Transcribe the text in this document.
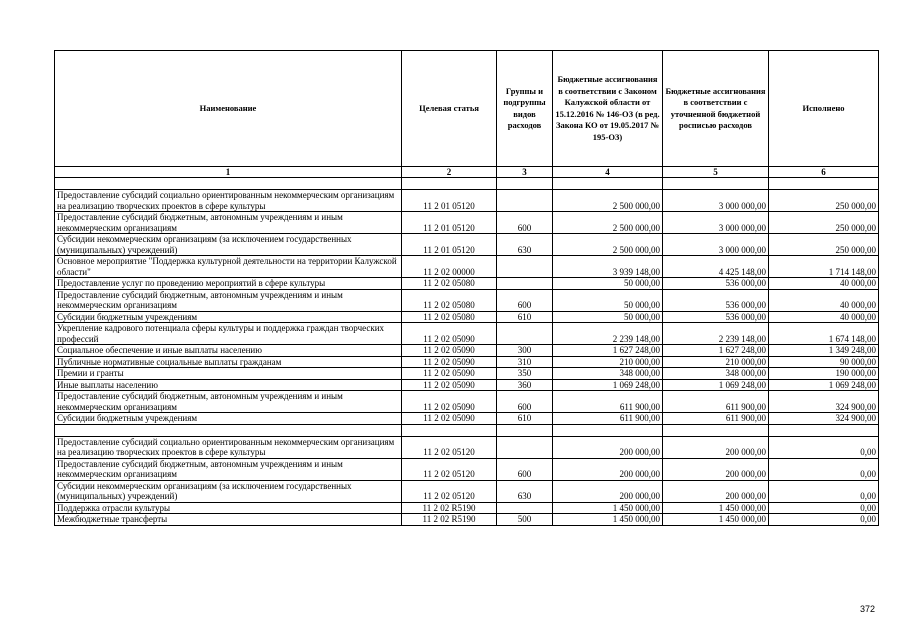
Наименование	Целевая статья	Группы и подгруппы видов расходов	Бюджетные ассигнования в соответствии с Законом Калужской области от 15.12.2016 № 146-ОЗ (в ред. Закона КО от 19.05.2017 № 195-ОЗ)	Бюджетные ассигнования в соответствии с уточненной бюджетной росписью расходов	Исполнено
1	2	3	4	5	6

Предоставление субсидий социально ориентированным некоммерческим организациям на реализацию творческих проектов в сфере культуры	11 2 01 05120		2 500 000,00	3 000 000,00	250 000,00
Предоставление субсидий бюджетным, автономным учреждениям и иным некоммерческим организациям	11 2 01 05120	600	2 500 000,00	3 000 000,00	250 000,00
Субсидии некоммерческим организациям (за исключением государственных (муниципальных) учреждений)	11 2 01 05120	630	2 500 000,00	3 000 000,00	250 000,00
Основное мероприятие "Поддержка культурной деятельности на территории Калужской области"	11 2 02 00000		3 939 148,00	4 425 148,00	1 714 148,00
Предоставление услуг по проведению мероприятий в сфере культуры	11 2 02 05080		50 000,00	536 000,00	40 000,00
Предоставление субсидий бюджетным, автономным учреждениям и иным некоммерческим организациям	11 2 02 05080	600	50 000,00	536 000,00	40 000,00
Субсидии бюджетным учреждениям	11 2 02 05080	610	50 000,00	536 000,00	40 000,00
Укрепление кадрового потенциала сферы культуры и поддержка граждан творческих профессий	11 2 02 05090		2 239 148,00	2 239 148,00	1 674 148,00
Социальное обеспечение и иные выплаты населению	11 2 02 05090	300	1 627 248,00	1 627 248,00	1 349 248,00
Публичные нормативные социальные выплаты гражданам	11 2 02 05090	310	210 000,00	210 000,00	90 000,00
Премии и гранты	11 2 02 05090	350	348 000,00	348 000,00	190 000,00
Иные выплаты населению	11 2 02 05090	360	1 069 248,00	1 069 248,00	1 069 248,00
Предоставление субсидий бюджетным, автономным учреждениям и иным некоммерческим организациям	11 2 02 05090	600	611 900,00	611 900,00	324 900,00
Субсидии бюджетным учреждениям	11 2 02 05090	610	611 900,00	611 900,00	324 900,00

Предоставление субсидий социально ориентированным некоммерческим организациям на реализацию творческих проектов в сфере культуры	11 2 02 05120		200 000,00	200 000,00	0,00
Предоставление субсидий бюджетным, автономным учреждениям и иным некоммерческим организациям	11 2 02 05120	600	200 000,00	200 000,00	0,00
Субсидии некоммерческим организациям (за исключением государственных (муниципальных) учреждений)	11 2 02 05120	630	200 000,00	200 000,00	0,00
Поддержка отрасли культуры	11 2 02 R5190		1 450 000,00	1 450 000,00	0,00
Межбюджетные трансферты	11 2 02 R5190	500	1 450 000,00	1 450 000,00	0,00
372
